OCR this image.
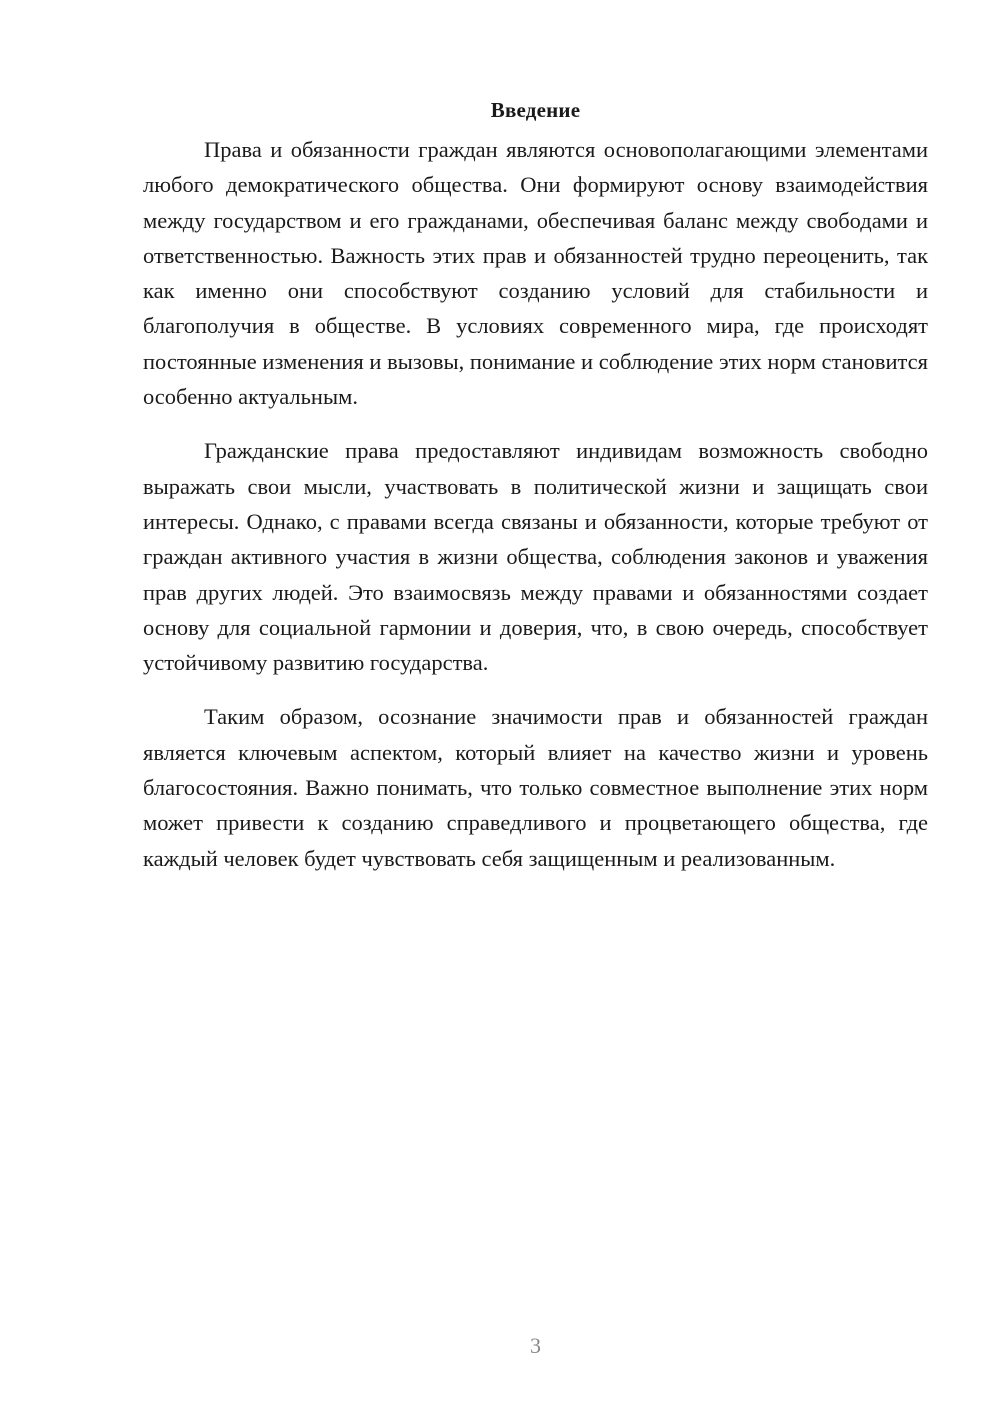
Введение

Права и обязанности граждан являются основополагающими элементами любого демократического общества. Они формируют основу взаимодействия между государством и его гражданами, обеспечивая баланс между свободами и ответственностью. Важность этих прав и обязанностей трудно переоценить, так как именно они способствуют созданию условий для стабильности и благополучия в обществе. В условиях современного мира, где происходят постоянные изменения и вызовы, понимание и соблюдение этих норм становится особенно актуальным.

Гражданские права предоставляют индивидам возможность свободно выражать свои мысли, участвовать в политической жизни и защищать свои интересы. Однако, с правами всегда связаны и обязанности, которые требуют от граждан активного участия в жизни общества, соблюдения законов и уважения прав других людей. Это взаимосвязь между правами и обязанностями создает основу для социальной гармонии и доверия, что, в свою очередь, способствует устойчивому развитию государства.

Таким образом, осознание значимости прав и обязанностей граждан является ключевым аспектом, который влияет на качество жизни и уровень благосостояния. Важно понимать, что только совместное выполнение этих норм может привести к созданию справедливого и процветающего общества, где каждый человек будет чувствовать себя защищенным и реализованным.

3
